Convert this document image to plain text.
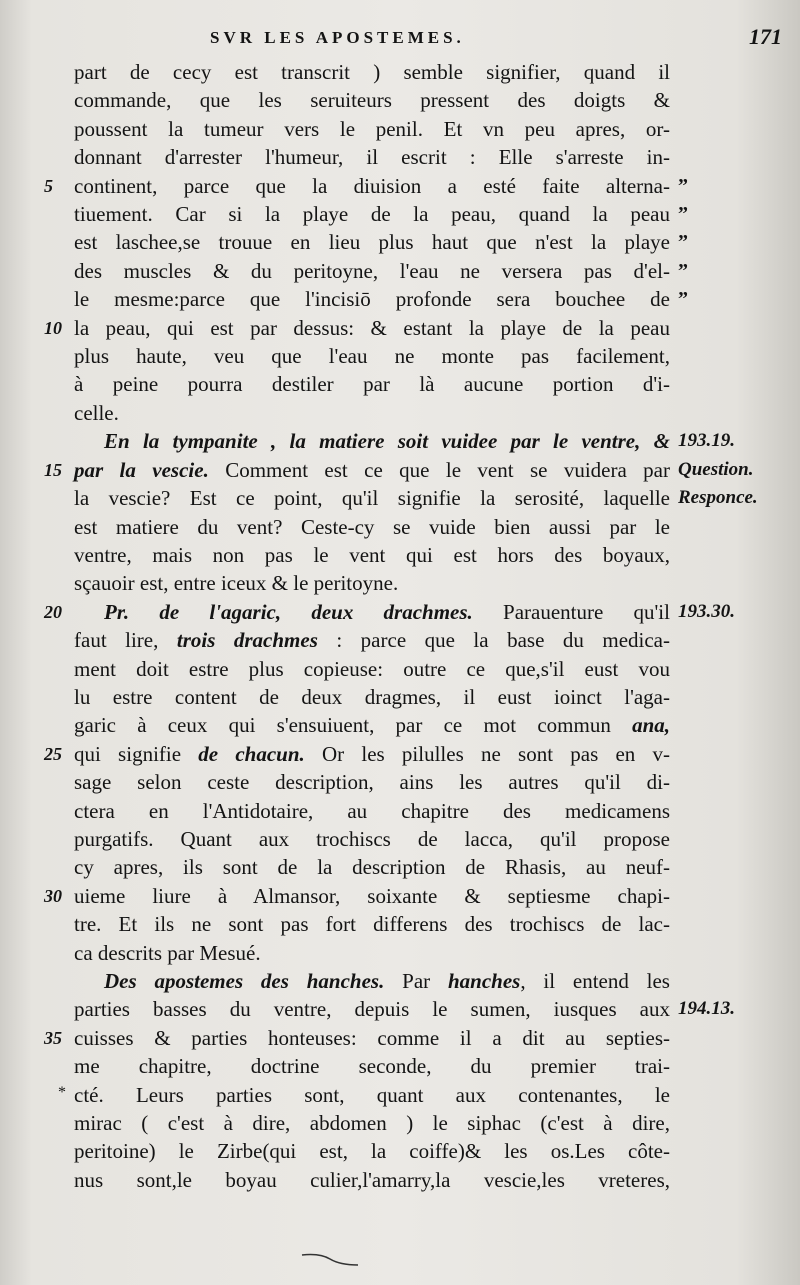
SVR LES APOSTEMES.	171
part de cecy est transcrit ) semble signifier, quand il
commande, que les seruiteurs pressent des doigts &
poussent la tumeur vers le penil. Et vn peu apres, or-
donnant d'arrester l'humeur, il escrit : Elle s'arreste in-
5 continent, parce que la diuision a esté faite alterna- ”
tiuement. Car si la playe de la peau, quand la peau ”
est laschee,se trouue en lieu plus haut que n'est la playe ”
des muscles & du peritoyne, l'eau ne versera pas d'el- ”
le mesme:parce que l'incisiō profonde sera bouchee de ”
10 la peau, qui est par dessus: & estant la playe de la peau
plus haute, veu que l'eau ne monte pas facilement,
à peine pourra destiler par là aucune portion d'i-
celle.
En la tympanite , la matiere soit vuidee par le ventre, & 193.19.
15 par la vescie. Comment est ce que le vent se vuidera par Question.
la vescie? Est ce point, qu'il signifie la serosité, laquelle Responce.
est matiere du vent? Ceste-cy se vuide bien aussi par le
ventre, mais non pas le vent qui est hors des boyaux,
sçauoir est, entre iceux & le peritoyne.
20 Pr. de l'agaric, deux drachmes. Parauenture qu'il 193.30.
faut lire, trois drachmes : parce que la base du medica-
ment doit estre plus copieuse: outre ce que,s'il eust vou
lu estre content de deux dragmes, il eust ioinct l'aga-
garic à ceux qui s'ensuiuent, par ce mot commun ana,
25 qui signifie de chacun. Or les pilulles ne sont pas en v-
sage selon ceste description, ains les autres qu'il di-
ctera en l'Antidotaire, au chapitre des medicamens
purgatifs. Quant aux trochiscs de lacca, qu'il propose
cy apres, ils sont de la description de Rhasis, au neuf-
30 uieme liure à Almansor, soixante & septiesme chapi-
tre. Et ils ne sont pas fort differens des trochiscs de lac-
ca descrits par Mesué.
Des apostemes des hanches. Par hanches, il entend les
parties basses du ventre, depuis le sumen, iusques aux 194.13.
35 cuisses & parties honteuses: comme il a dit au septies-
me chapitre, doctrine seconde, du premier trai-
* cté. Leurs parties sont, quant aux contenantes, le
mirac ( c'est à dire, abdomen ) le siphac (c'est à dire,
peritoine) le Zirbe(qui est, la coiffe)& les os.Les côte-
nus sont,le boyau culier,l'amarry,la vescie,les vreteres,
